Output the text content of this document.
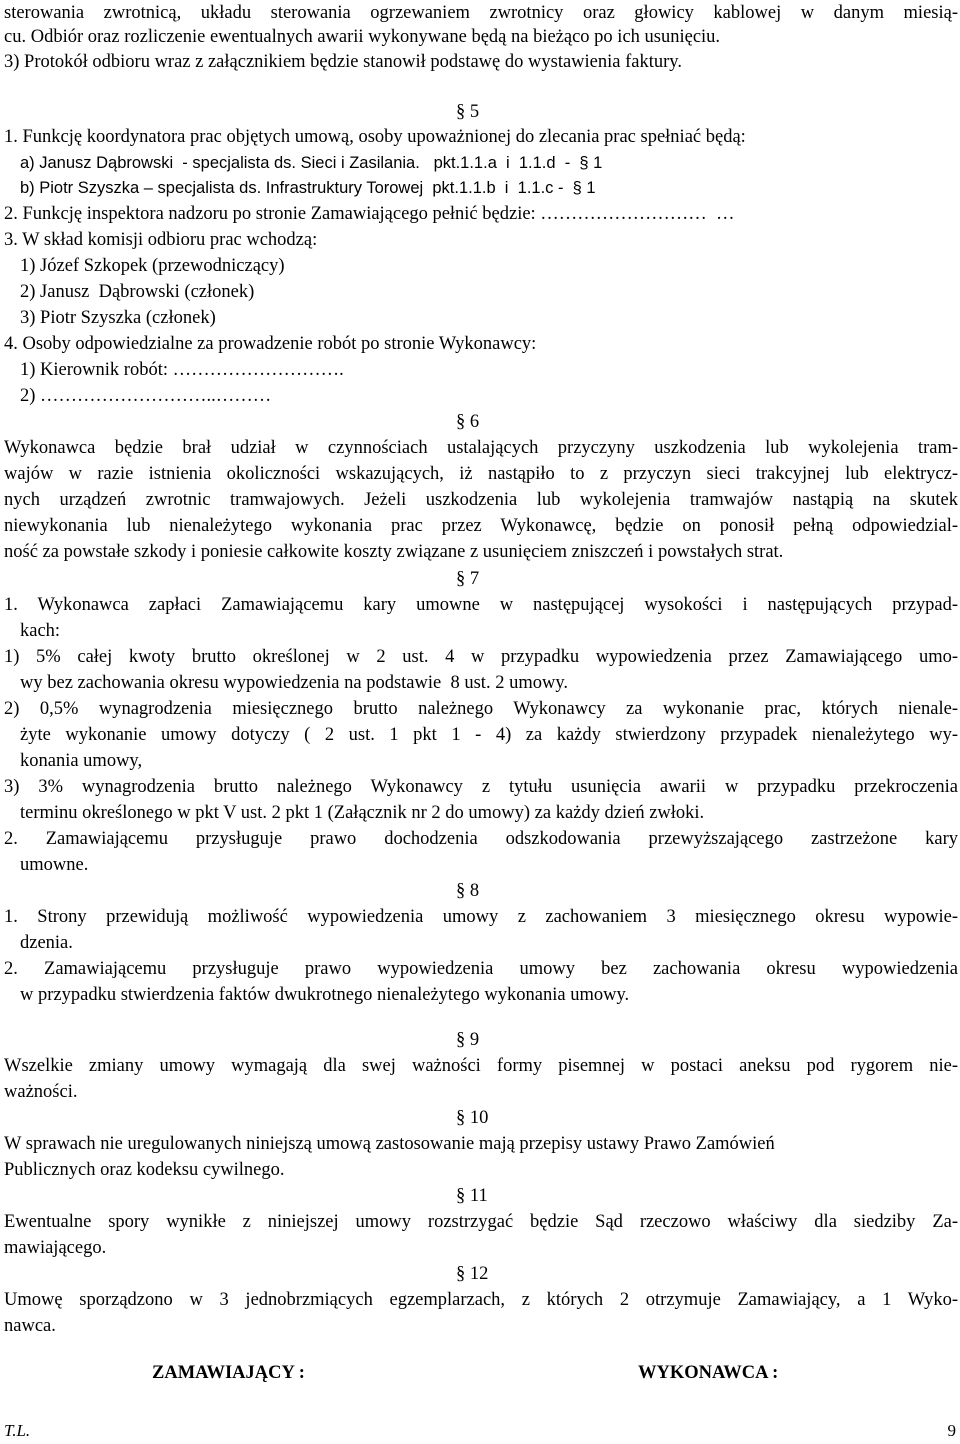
sterowania zwrotnicą, układu sterowania ogrzewaniem zwrotnicy oraz głowicy kablowej w danym miesią-
cu. Odbiór oraz rozliczenie ewentualnych awarii wykonywane będą na bieżąco po ich usunięciu.
3) Protokół odbioru wraz z załącznikiem będzie stanowił podstawę do wystawienia faktury.
§ 5
1. Funkcję koordynatora prac objętych umową, osoby upoważnionej do zlecania prac spełniać będą:
a) Janusz Dąbrowski  - specjalista ds. Sieci i Zasilania.   pkt.1.1.a  i  1.1.d  -  § 1
b) Piotr Szyszka – specjalista ds. Infrastruktury Torowej  pkt.1.1.b  i  1.1.c -  § 1
2. Funkcję inspektora nadzoru po stronie Zamawiającego pełnić będzie: ………………………  …
3. W skład komisji odbioru prac wchodzą:
1) Józef Szkopek (przewodniczący)
2) Janusz  Dąbrowski (członek)
3) Piotr Szyszka (członek)
4. Osoby odpowiedzialne za prowadzenie robót po stronie Wykonawcy:
1) Kierownik robót: ……………………….
2) ………………………..………
§ 6
Wykonawca będzie brał udział w czynnościach ustalających przyczyny uszkodzenia lub wykolejenia tram-
wajów w razie istnienia okoliczności wskazujących, iż nastąpiło to z przyczyn sieci trakcyjnej lub elektrycz-
nych urządzeń zwrotnic tramwajowych. Jeżeli uszkodzenia lub wykolejenia tramwajów nastąpią na skutek
niewykonania lub nienależytego wykonania prac przez Wykonawcę, będzie on ponosił pełną odpowiedzial-
ność za powstałe szkody i poniesie całkowite koszty związane z usunięciem zniszczeń i powstałych strat.
§ 7
1. Wykonawca zapłaci Zamawiającemu kary umowne w następującej wysokości i następujących przypad-
kach:
1) 5% całej kwoty brutto określonej w 2 ust. 4 w przypadku wypowiedzenia przez Zamawiającego umo-
wy bez zachowania okresu wypowiedzenia na podstawie  8 ust. 2 umowy.
2) 0,5% wynagrodzenia miesięcznego brutto należnego Wykonawcy za wykonanie prac, których nienale-
żyte wykonanie umowy dotyczy ( 2 ust. 1 pkt 1 - 4) za każdy stwierdzony przypadek nienależytego wy-
konania umowy,
3) 3% wynagrodzenia brutto należnego Wykonawcy z tytułu usunięcia awarii w przypadku przekroczenia
terminu określonego w pkt V ust. 2 pkt 1 (Załącznik nr 2 do umowy) za każdy dzień zwłoki.
2. Zamawiającemu przysługuje prawo dochodzenia odszkodowania przewyższającego zastrzeżone kary
umowne.
§ 8
1. Strony przewidują możliwość wypowiedzenia umowy z zachowaniem 3 miesięcznego okresu wypowie-
dzenia.
2. Zamawiającemu przysługuje prawo wypowiedzenia umowy bez zachowania okresu wypowiedzenia
w przypadku stwierdzenia faktów dwukrotnego nienależytego wykonania umowy.
§ 9
Wszelkie zmiany umowy wymagają dla swej ważności formy pisemnej w postaci aneksu pod rygorem nie-
ważności.
§ 10
W sprawach nie uregulowanych niniejszą umową zastosowanie mają przepisy ustawy Prawo Zamówień
Publicznych oraz kodeksu cywilnego.
§ 11
Ewentualne spory wynikłe z niniejszej umowy rozstrzygać będzie Sąd rzeczowo właściwy dla siedziby Za-
mawiającego.
§ 12
Umowę sporządzono w 3 jednobrzmiących egzemplarzach, z których 2 otrzymuje Zamawiający, a 1 Wyko-
nawca.
ZAMAWIAJĄCY :	WYKONAWCA :
T.L.	9
